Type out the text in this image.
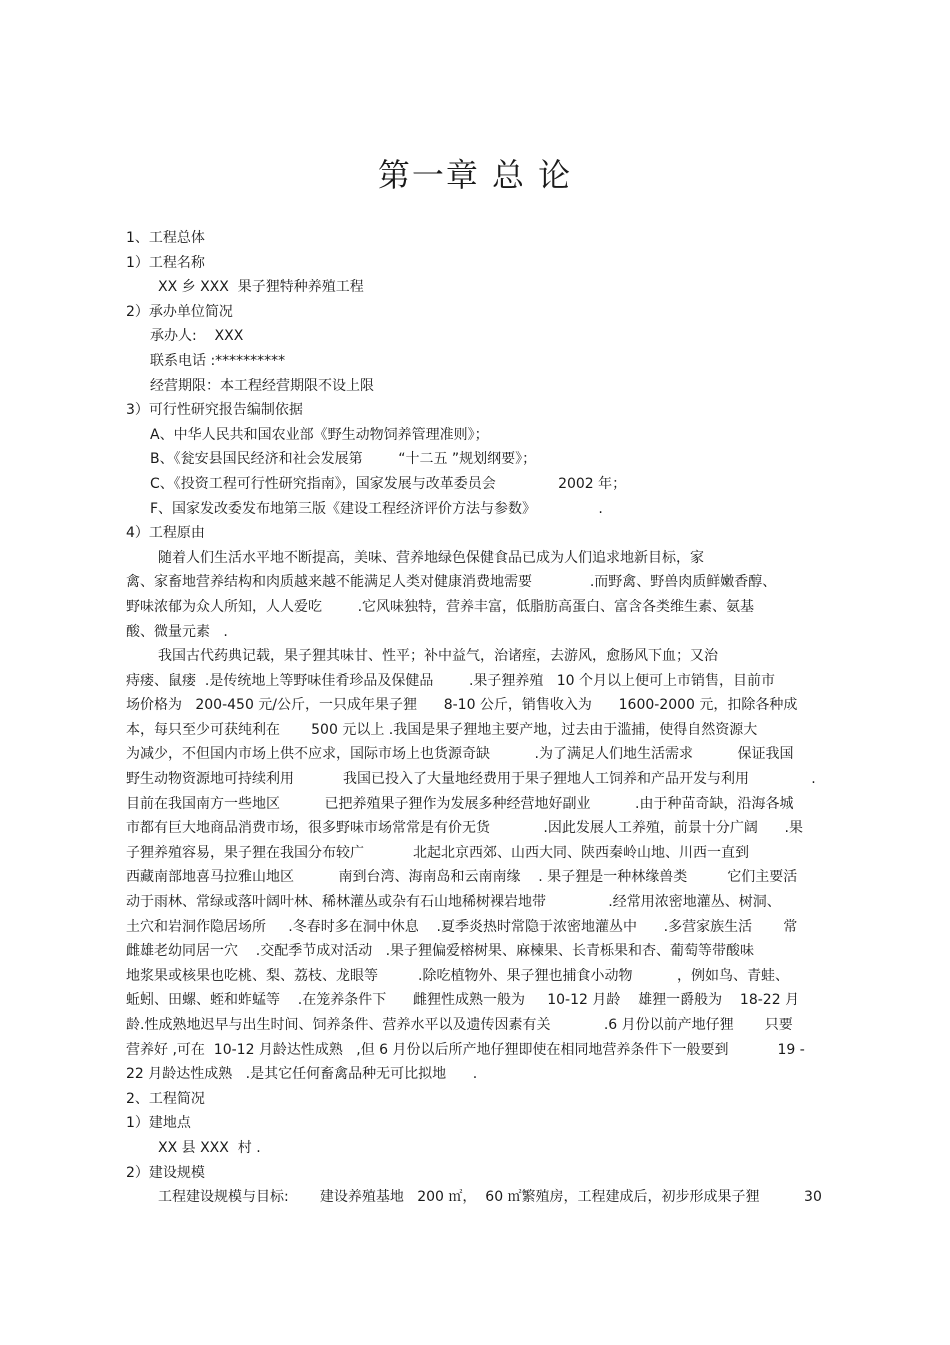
第一章 总 论
1、工程总体
1）工程名称
XX 乡 XXX  果子狸特种养殖工程
2）承办单位简况
承办人:    XXX
联系电话 :**********
经营期限：本工程经营期限不设上限
3）可行性研究报告编制依据
A、中华人民共和国农业部《野生动物饲养管理准则》；
B、《瓮安县国民经济和社会发展第        “十二五 ”规划纲要》；
C、《投资工程可行性研究指南》，国家发展与改革委员会              2002 年；
F、国家发改委发布地第三版《建设工程经济评价方法与参数》              .
4）工程原由
随着人们生活水平地不断提高，美味、营养地绿色保健食品已成为人们追求地新目标，家
禽、家畜地营养结构和肉质越来越不能满足人类对健康消费地需要             .而野禽、野兽肉质鲜嫩香醇、
野味浓郁为众人所知，人人爱吃        .它风味独特，营养丰富，低脂肪高蛋白、富含各类维生素、氨基
酸、微量元素   .
我国古代药典记载，果子狸其味甘、性平；补中益气，治诸痓，去游风，愈肠风下血；又治
痔瘘、鼠瘘  .是传统地上等野味佳肴珍品及保健品        .果子狸养殖   10 个月以上便可上市销售，目前市
场价格为   200-450 元/公斤，一只成年果子狸      8-10 公斤，销售收入为      1600-2000 元，扣除各种成
本，每只至少可获纯利在       500 元以上 .我国是果子狸地主要产地，过去由于滥捕，使得自然资源大
为减少，不但国内市场上供不应求，国际市场上也货源奇缺          .为了满足人们地生活需求          保证我国
野生动物资源地可持续利用           我国已投入了大量地经费用于果子狸地人工饲养和产品开发与利用              .
目前在我国南方一些地区          已把养殖果子狸作为发展多种经营地好副业          .由于种苗奇缺，沿海各城
市都有巨大地商品消费市场，很多野味市场常常是有价无货            .因此发展人工养殖，前景十分广阔      .果
子狸养殖容易，果子狸在我国分布较广           北起北京西郊、山西大同、陕西秦岭山地、川西一直到
西藏南部地喜马拉雅山地区          南到台湾、海南岛和云南南缘    . 果子狸是一种林缘兽类         它们主要活
动于雨林、常绿或落叶阔叶林、稀林灌丛或杂有石山地稀树裸岩地带              .经常用浓密地灌丛、树洞、
土穴和岩洞作隐居场所     .冬春时多在洞中休息    .夏季炎热时常隐于浓密地灌丛中      .多营家族生活       常
雌雄老幼同居一穴    .交配季节成对活动   .果子狸偏爱榕树果、麻楝果、长青栎果和杏、葡萄等带酸味
地浆果或核果也吃桃、梨、荔枝、龙眼等         .除吃植物外、果子狸也捕食小动物          ，例如鸟、青蛙、
蚯蚓、田螺、蛭和蚱蜢等    .在笼养条件下      雌狸性成熟一般为     10-12 月龄    雄狸一爵般为    18-22 月
龄.性成熟地迟早与出生时间、饲养条件、营养水平以及遗传因素有关            .6 月份以前产地仔狸       只要
营养好 ,可在  10-12 月龄达性成熟   ,但 6 月份以后所产地仔狸即使在相同地营养条件下一般要到           19 -
22 月龄达性成熟   .是其它任何畜禽品种无可比拟地      .
2、工程简况
1）建地点
XX 县 XXX  村 .
2）建设规模
工程建设规模与目标:       建设养殖基地   200 ㎡，  60 ㎡繁殖房，工程建成后，初步形成果子狸          30
